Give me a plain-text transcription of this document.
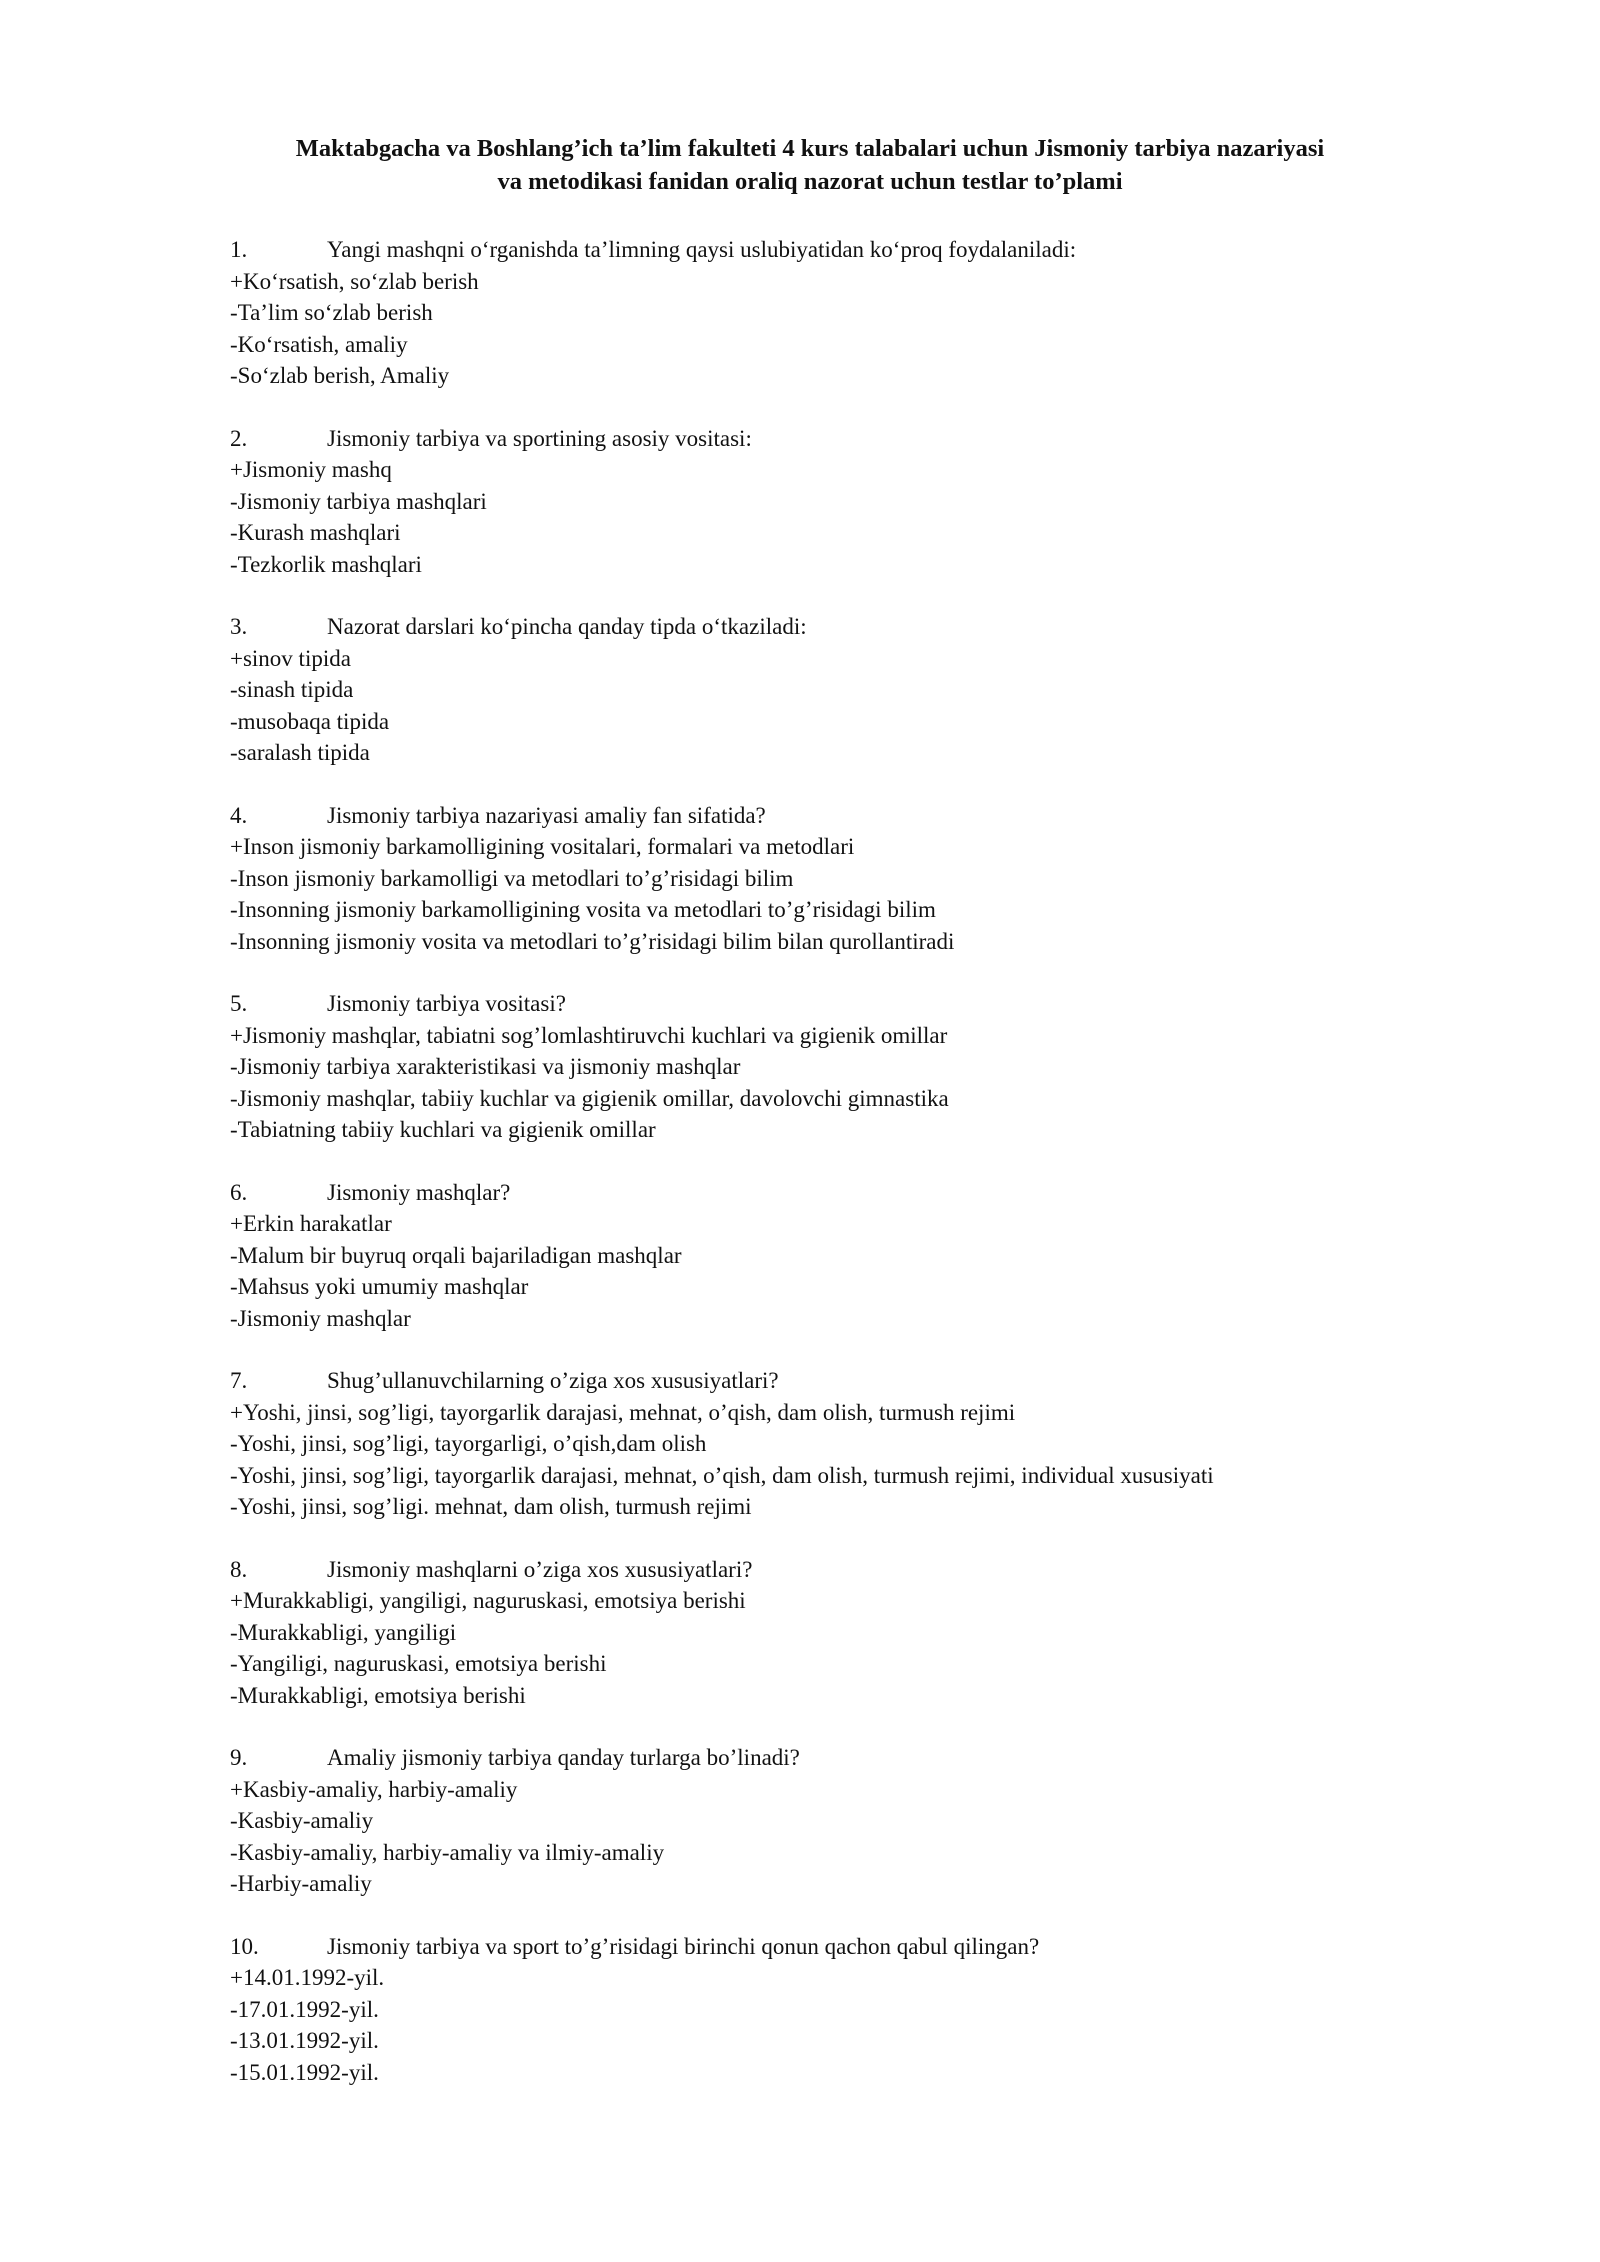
Maktabgacha va Boshlang’ich ta’lim fakulteti 4 kurs talabalari uchun Jismoniy tarbiya nazariyasi
va metodikasi fanidan oraliq nazorat uchun testlar to’plami
1.	Yangi mashqni o‘rganishda ta’limning qaysi uslubiyatidan ko‘proq foydalaniladi:
+Ko‘rsatish, so‘zlab berish
-Ta’lim so‘zlab berish
-Ko‘rsatish, amaliy
-So‘zlab berish, Amaliy
2.	Jismoniy tarbiya va sportining asosiy vositasi:
+Jismoniy mashq
-Jismoniy tarbiya mashqlari
-Kurash mashqlari
-Tezkorlik mashqlari
3.	Nazorat darslari ko‘pincha qanday tipda o‘tkaziladi:
+sinov tipida
-sinash tipida
-musobaqa tipida
-saralash tipida
4.	Jismoniy tarbiya nazariyasi amaliy fan sifatida?
+Inson jismoniy barkamolligining vositalari, formalari va metodlari
-Inson jismoniy barkamolligi va metodlari to’g’risidagi bilim
-Insonning jismoniy barkamolligining vosita va metodlari to’g’risidagi bilim
-Insonning jismoniy vosita va metodlari to’g’risidagi bilim bilan qurollantiradi
5.	Jismoniy tarbiya vositasi?
+Jismoniy mashqlar, tabiatni sog’lomlashtiruvchi kuchlari va gigienik omillar
-Jismoniy tarbiya xarakteristikasi va jismoniy mashqlar
-Jismoniy mashqlar, tabiiy kuchlar va gigienik omillar, davolovchi gimnastika
-Tabiatning tabiiy kuchlari va gigienik omillar
6.	Jismoniy mashqlar?
+Erkin harakatlar
-Malum bir buyruq orqali bajariladigan mashqlar
-Mahsus yoki umumiy mashqlar
-Jismoniy mashqlar
7.	Shug’ullanuvchilarning o’ziga xos xususiyatlari?
+Yoshi, jinsi, sog’ligi, tayorgarlik darajasi, mehnat, o’qish, dam olish, turmush rejimi
-Yoshi, jinsi, sog’ligi, tayorgarligi, o’qish,dam olish
-Yoshi, jinsi, sog’ligi, tayorgarlik darajasi, mehnat, o’qish, dam olish, turmush rejimi, individual xususiyati
-Yoshi, jinsi, sog’ligi. mehnat, dam olish, turmush rejimi
8.	Jismoniy mashqlarni o’ziga xos xususiyatlari?
+Murakkabligi, yangiligi, naguruskasi, emotsiya berishi
-Murakkabligi, yangiligi
-Yangiligi, naguruskasi, emotsiya berishi
-Murakkabligi, emotsiya berishi
9.	Amaliy jismoniy tarbiya qanday turlarga bo’linadi?
+Kasbiy-amaliy, harbiy-amaliy
-Kasbiy-amaliy
-Kasbiy-amaliy, harbiy-amaliy va ilmiy-amaliy
-Harbiy-amaliy
10.	Jismoniy tarbiya va sport to’g’risidagi birinchi qonun qachon qabul qilingan?
+14.01.1992-yil.
-17.01.1992-yil.
-13.01.1992-yil.
-15.01.1992-yil.
